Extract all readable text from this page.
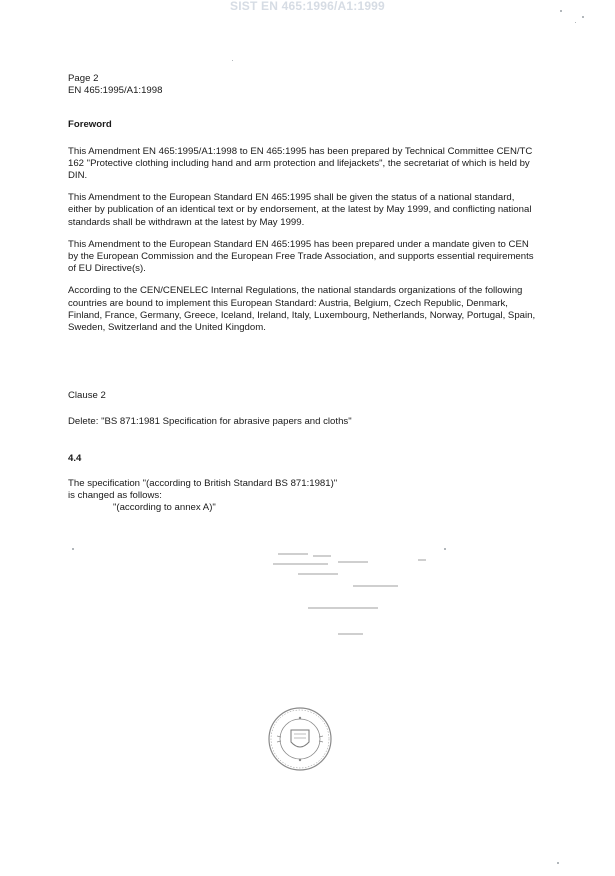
SIST EN 465:1996/A1:1999
Page 2
EN 465:1995/A1:1998
Foreword

This Amendment EN 465:1995/A1:1998 to EN 465:1995 has been prepared by Technical Committee CEN/TC 162 "Protective clothing including hand and arm protection and lifejackets", the secretariat of which is held by DIN.

This Amendment to the European Standard EN 465:1995 shall be given the status of a national standard, either by publication of an identical text or by endorsement, at the latest by May 1999, and conflicting national standards shall be withdrawn at the latest by May 1999.

This Amendment to the European Standard EN 465:1995 has been prepared under a mandate given to CEN by the European Commission and the European Free Trade Association, and supports essential requirements of EU Directive(s).

According to the CEN/CENELEC Internal Regulations, the national standards organizations of the following countries are bound to implement this European Standard: Austria, Belgium, Czech Republic, Denmark, Finland, France, Germany, Greece, Iceland, Ireland, Italy, Luxembourg, Netherlands, Norway, Portugal, Spain, Sweden, Switzerland and the United Kingdom.

Clause 2

Delete: "BS 871:1981 Specification for abrasive papers and cloths"

4.4
The specification "(according to British Standard BS 871:1981)"
is changed as follows:
"(according to annex A)"
